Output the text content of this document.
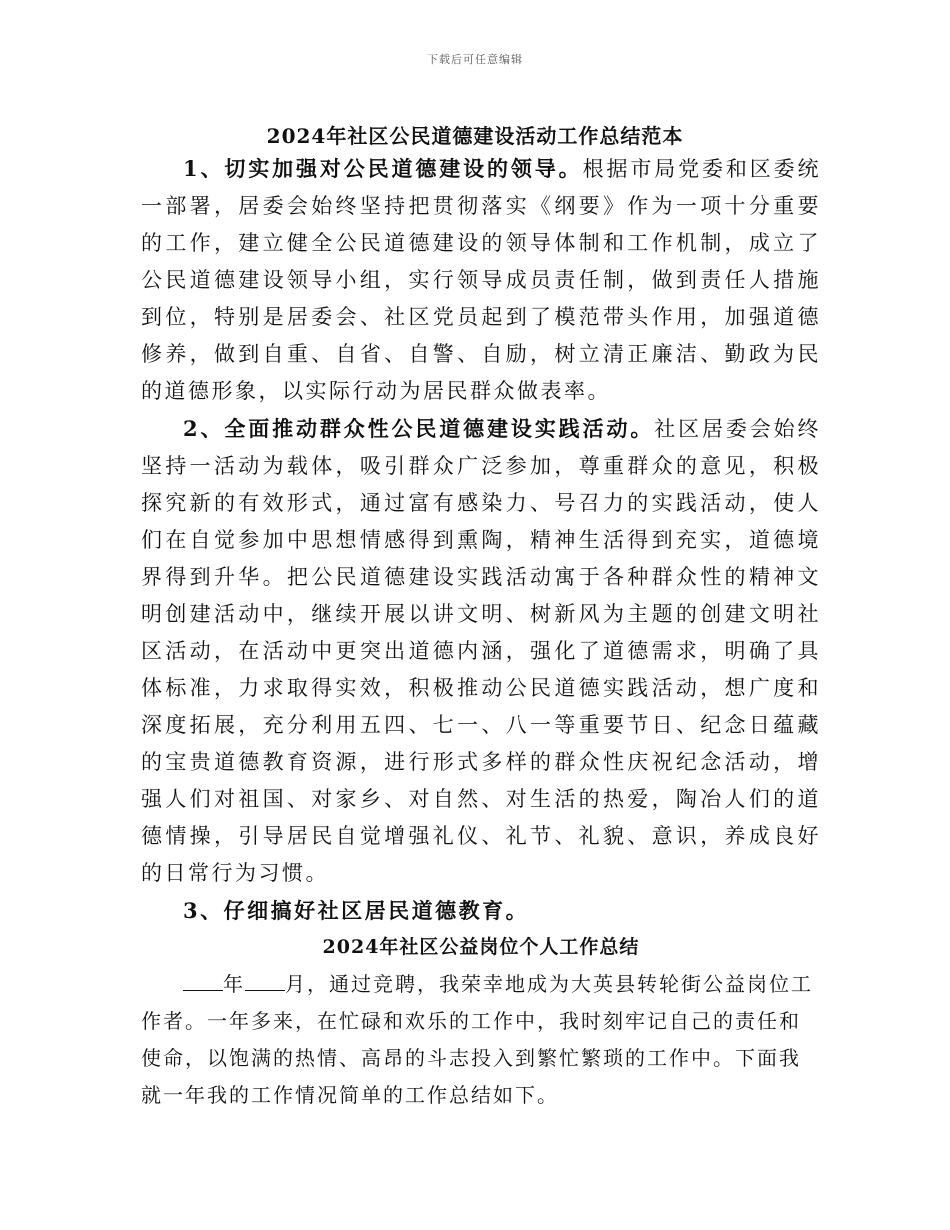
下载后可任意编辑
2024年社区公民道德建设活动工作总结范本

1、切实加强对公民道德建设的领导。根据市局党委和区委统一部署，居委会始终坚持把贯彻落实《纲要》作为一项十分重要的工作，建立健全公民道德建设的领导体制和工作机制，成立了公民道德建设领导小组，实行领导成员责任制，做到责任人措施到位，特别是居委会、社区党员起到了模范带头作用，加强道德修养，做到自重、自省、自警、自励，树立清正廉洁、勤政为民的道德形象，以实际行动为居民群众做表率。

2、全面推动群众性公民道德建设实践活动。社区居委会始终坚持一活动为载体，吸引群众广泛参加，尊重群众的意见，积极探究新的有效形式，通过富有感染力、号召力的实践活动，使人们在自觉参加中思想情感得到熏陶，精神生活得到充实，道德境界得到升华。把公民道德建设实践活动寓于各种群众性的精神文明创建活动中，继续开展以讲文明、树新风为主题的创建文明社区活动，在活动中更突出道德内涵，强化了道德需求，明确了具体标准，力求取得实效，积极推动公民道德实践活动，想广度和深度拓展，充分利用五四、七一、八一等重要节日、纪念日蕴藏的宝贵道德教育资源，进行形式多样的群众性庆祝纪念活动，增强人们对祖国、对家乡、对自然、对生活的热爱，陶冶人们的道德情操，引导居民自觉增强礼仪、礼节、礼貌、意识，养成良好的日常行为习惯。

3、仔细搞好社区居民道德教育。

2024年社区公益岗位个人工作总结

年 月，通过竞聘，我荣幸地成为大英县转轮街公益岗位工作者。一年多来，在忙碌和欢乐的工作中，我时刻牢记自己的责任和使命，以饱满的热情、高昂的斗志投入到繁忙繁琐的工作中。下面我就一年我的工作情况简单的工作总结如下。
